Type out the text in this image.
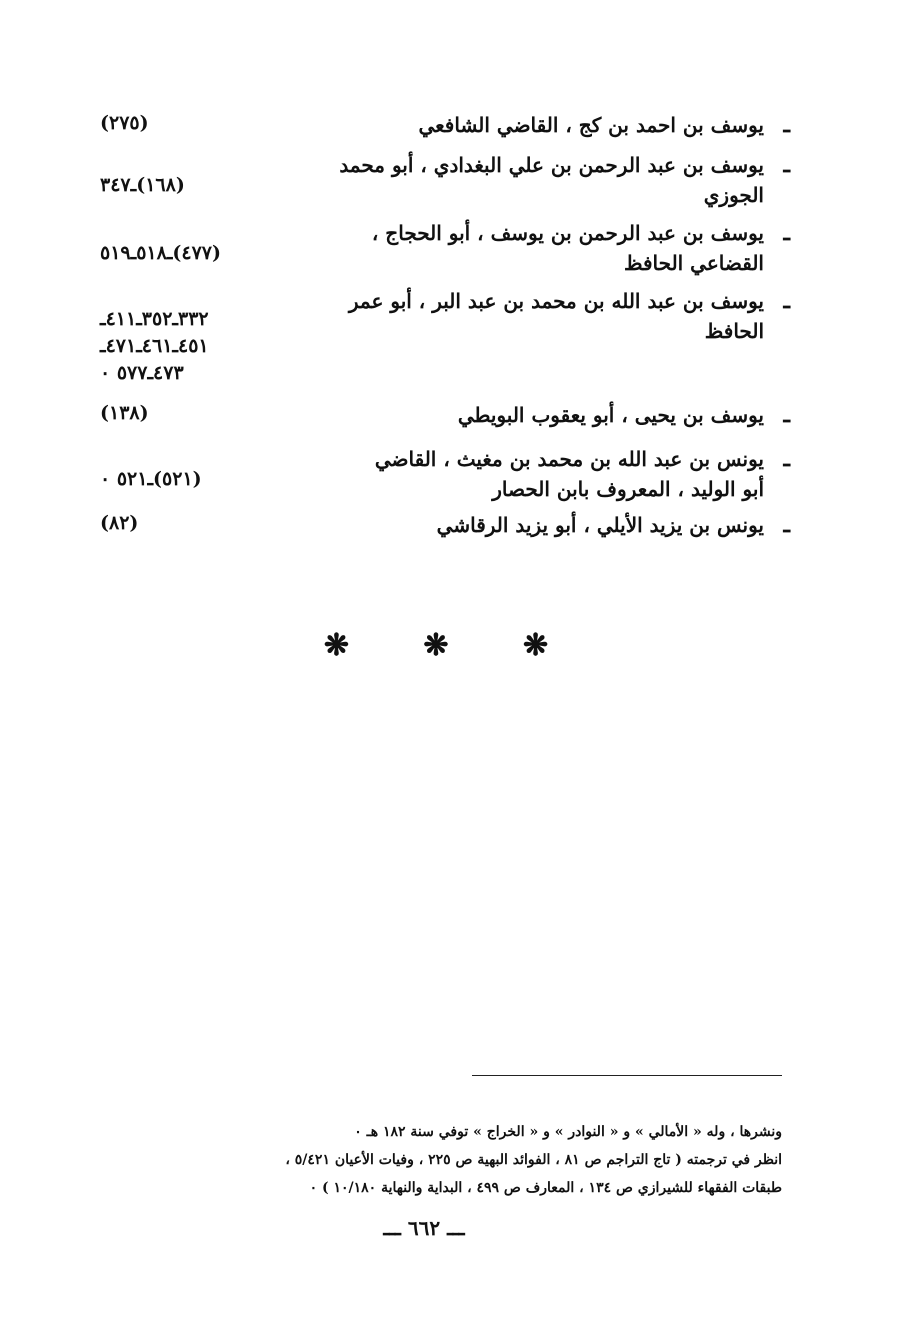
ـ
يوسف بن احمد بن كج ، القاضي الشافعي
(٢٧٥)
ـ
يوسف بن عبد الرحمن بن علي البغدادي ، أبو محمد
الجوزي
(١٦٨)ـ٣٤٧
ـ
يوسف بن عبد الرحمن بن يوسف ، أبو الحجاج ،
القضاعي الحافظ
(٤٧٧)ـ٥١٨ـ٥١٩
ـ
يوسف بن عبد الله بن محمد بن عبد البر ، أبو عمر
الحافظ
٣٣٢ـ٣٥٢ـ٤١١ـ
٤٥١ـ٤٦١ـ٤٧١ـ
٤٧٣ـ٥٧٧ ٠
ـ
يوسف بن يحيى ، أبو يعقوب البويطي
(١٣٨)
ـ
يونس بن عبد الله بن محمد بن مغيث ، القاضي
أبو الوليد ، المعروف بابن الحصار
(٥٢١)ـ٥٢١ ٠
ـ
يونس بن يزيد الأيلي ، أبو يزيد الرقاشي
(٨٢)
❋ ❋ ❋
ونشرها ، وله « الأمالي » و « النوادر » و « الخراج » توفي سنة ١٨٢ هـ ٠
انظر في ترجمته ( تاج التراجم ص ٨١ ، الفوائد البهية ص ٢٢٥ ، وفيات الأعيان ٥/٤٢١ ،
طبقات الفقهاء للشيرازي ص ١٣٤ ، المعارف ص ٤٩٩ ، البداية والنهاية ١٠/١٨٠ ) ٠
ـــ ٦٦٢ ـــ
